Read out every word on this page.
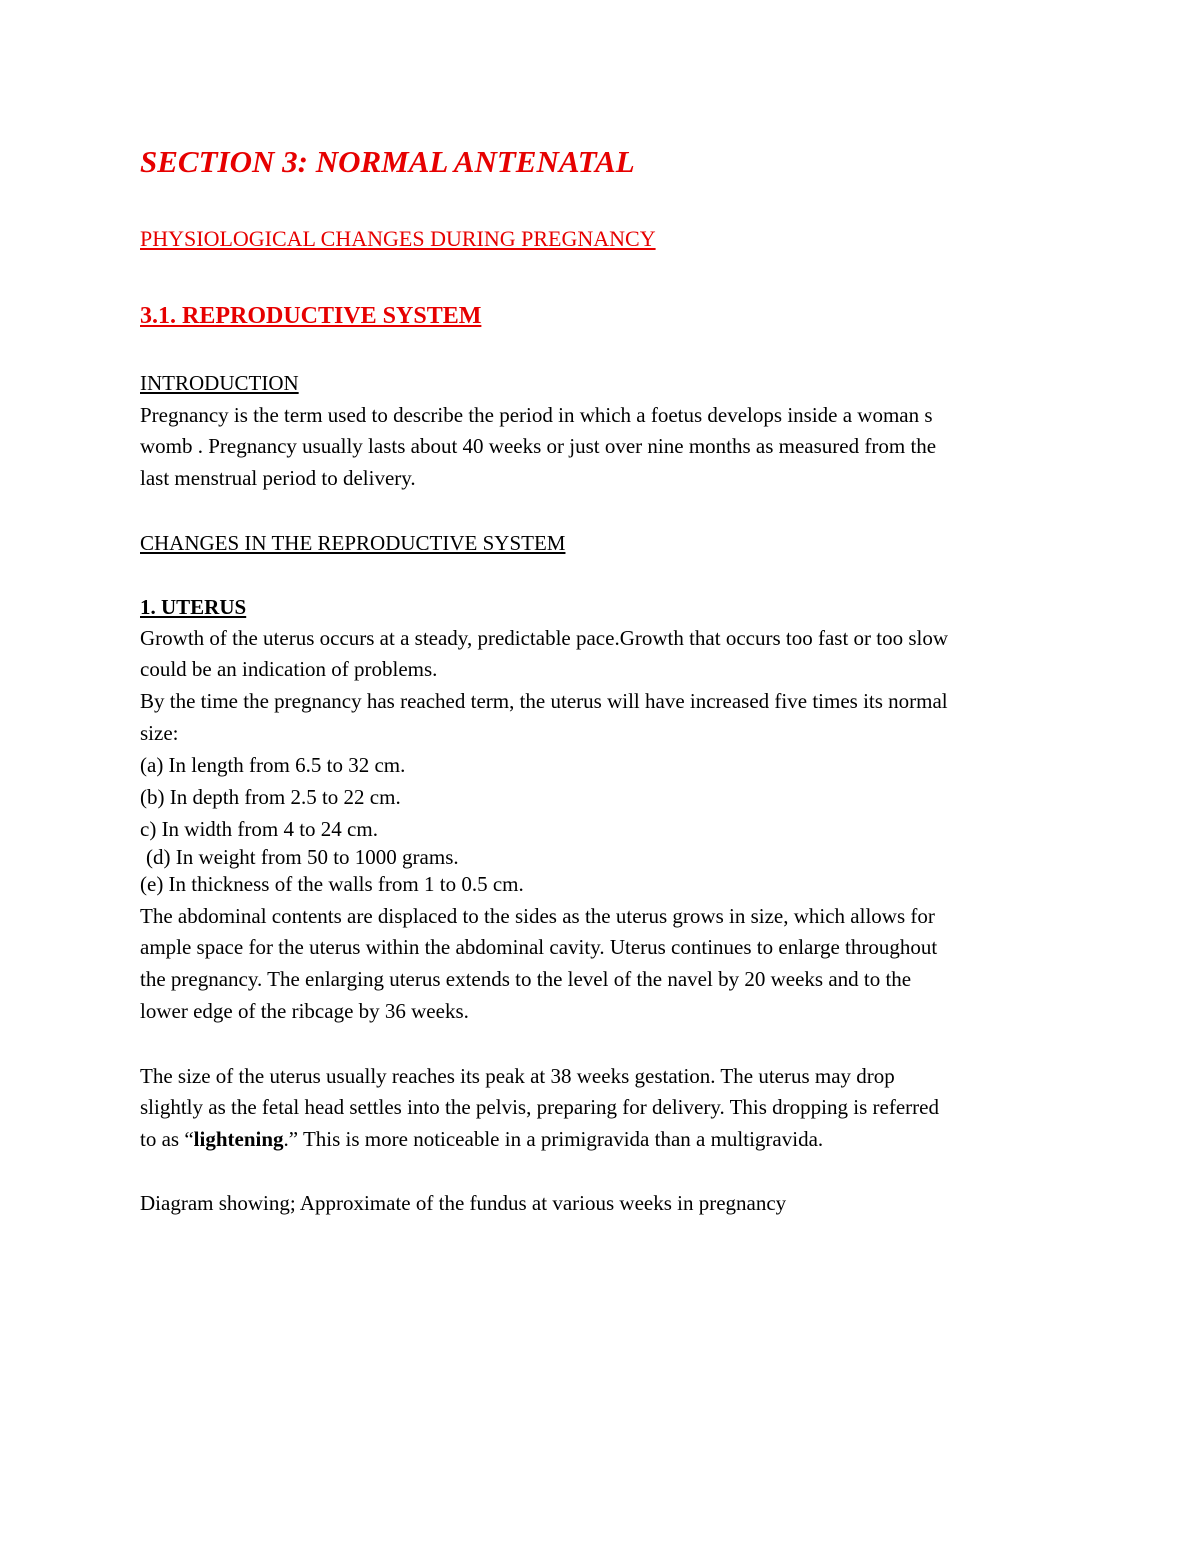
SECTION 3: NORMAL ANTENATAL
PHYSIOLOGICAL CHANGES DURING PREGNANCY
3.1. REPRODUCTIVE SYSTEM
INTRODUCTION
Pregnancy is the term used to describe the period in which a foetus develops inside a woman s
womb . Pregnancy usually lasts about 40 weeks or just over nine months as measured from the
last menstrual period to delivery.
CHANGES IN THE REPRODUCTIVE SYSTEM
1. UTERUS
Growth of the uterus occurs at a steady, predictable pace.Growth that occurs too fast or too slow
could be an indication of problems.
By the time the pregnancy has reached term, the uterus will have increased five times its normal
size:
(a) In length from 6.5 to 32 cm.
(b) In depth from 2.5 to 22 cm.
c) In width from 4 to 24 cm.
(d) In weight from 50 to 1000 grams.
(e) In thickness of the walls from 1 to 0.5 cm.
The abdominal contents are displaced to the sides as the uterus grows in size, which allows for
ample space for the uterus within the abdominal cavity. Uterus continues to enlarge throughout
the pregnancy. The enlarging uterus extends to the level of the navel by 20 weeks and to the
lower edge of the ribcage by 36 weeks.
The size of the uterus usually reaches its peak at 38 weeks gestation. The uterus may drop
slightly as the fetal head settles into the pelvis, preparing for delivery. This dropping is referred
to as “lightening.” This is more noticeable in a primigravida than a multigravida.
Diagram showing; Approximate of the fundus at various weeks in pregnancy
